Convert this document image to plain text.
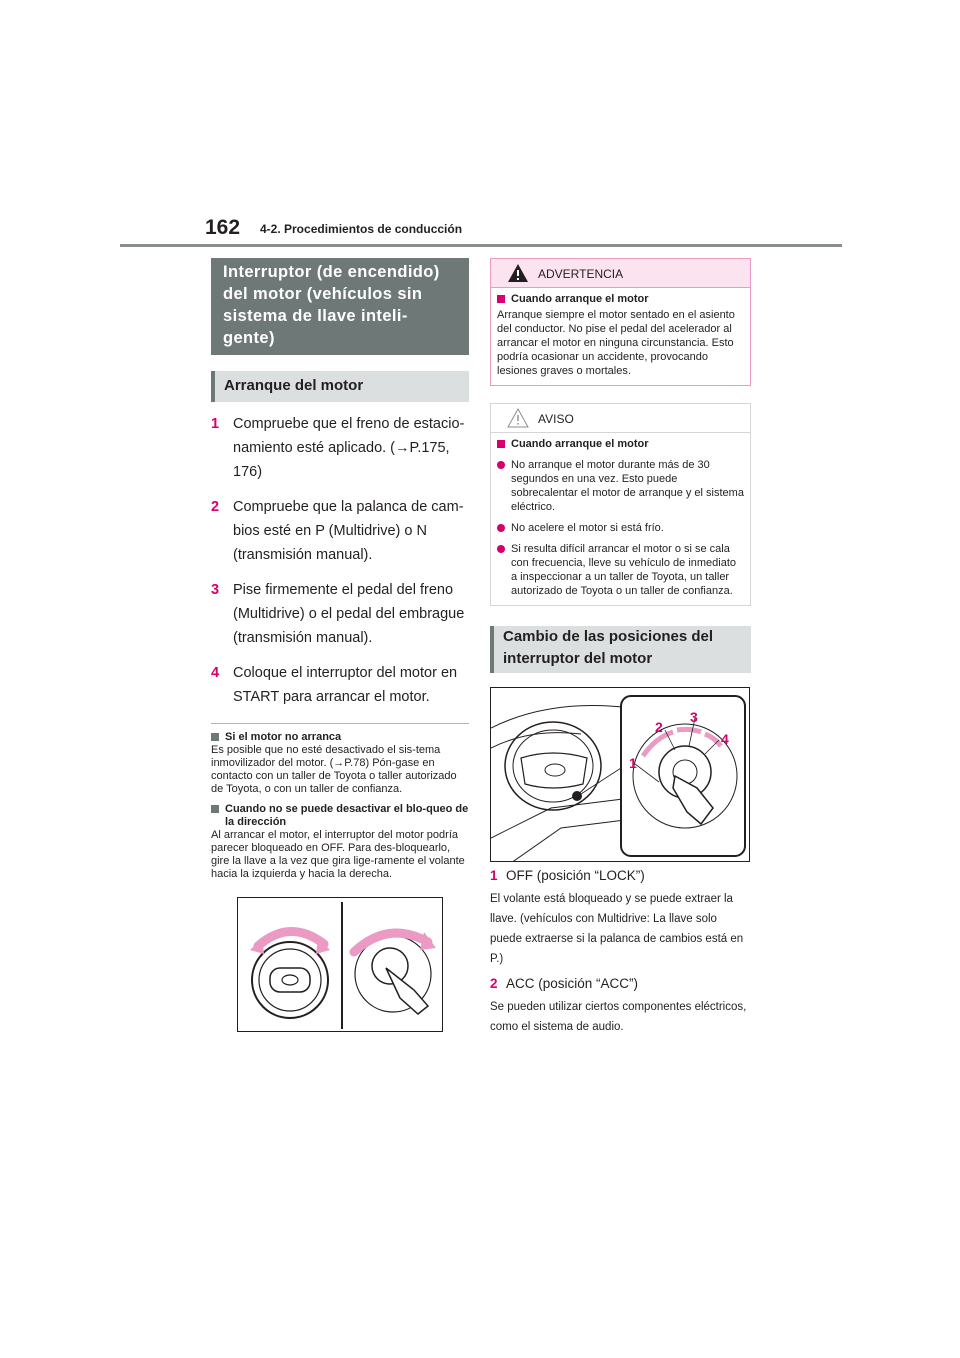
162 4-2. Procedimientos de conducción
Interruptor (de encendido) del motor (vehículos sin sistema de llave inteli-gente)
Arranque del motor
1 Compruebe que el freno de estacio-namiento esté aplicado. (→P.175, 176)
2 Compruebe que la palanca de cam-bios esté en P (Multidrive) o N (transmisión manual).
3 Pise firmemente el pedal del freno (Multidrive) o el pedal del embrague (transmisión manual).
4 Coloque el interruptor del motor en START para arrancar el motor.
Si el motor no arranca
Es posible que no esté desactivado el sis-tema inmovilizador del motor. (→P.78) Pón-gase en contacto con un taller de Toyota o taller autorizado de Toyota, o con un taller de confianza.
Cuando no se puede desactivar el blo-queo de la dirección
Al arrancar el motor, el interruptor del motor podría parecer bloqueado en OFF. Para des-bloquearlo, gire la llave a la vez que gira lige-ramente el volante hacia la izquierda y hacia la derecha.
ADVERTENCIA
Cuando arranque el motor
Arranque siempre el motor sentado en el asiento del conductor. No pise el pedal del acelerador al arrancar el motor en ninguna circunstancia. Esto podría ocasionar un accidente, provocando lesiones graves o mortales.
AVISO
Cuando arranque el motor
No arranque el motor durante más de 30 segundos en una vez. Esto puede sobrecalentar el motor de arranque y el sistema eléctrico.
No acelere el motor si está frío.
Si resulta difícil arrancar el motor o si se cala con frecuencia, lleve su vehículo de inmediato a inspeccionar a un taller de Toyota, un taller autorizado de Toyota o un taller de confianza.
Cambio de las posiciones del interruptor del motor
1
2
3
4
1 OFF (posición “LOCK”)
El volante está bloqueado y se puede extraer la llave. (vehículos con Multidrive: La llave solo puede extraerse si la palanca de cambios está en P.)
2 ACC (posición “ACC”)
Se pueden utilizar ciertos componentes eléctricos, como el sistema de audio.
